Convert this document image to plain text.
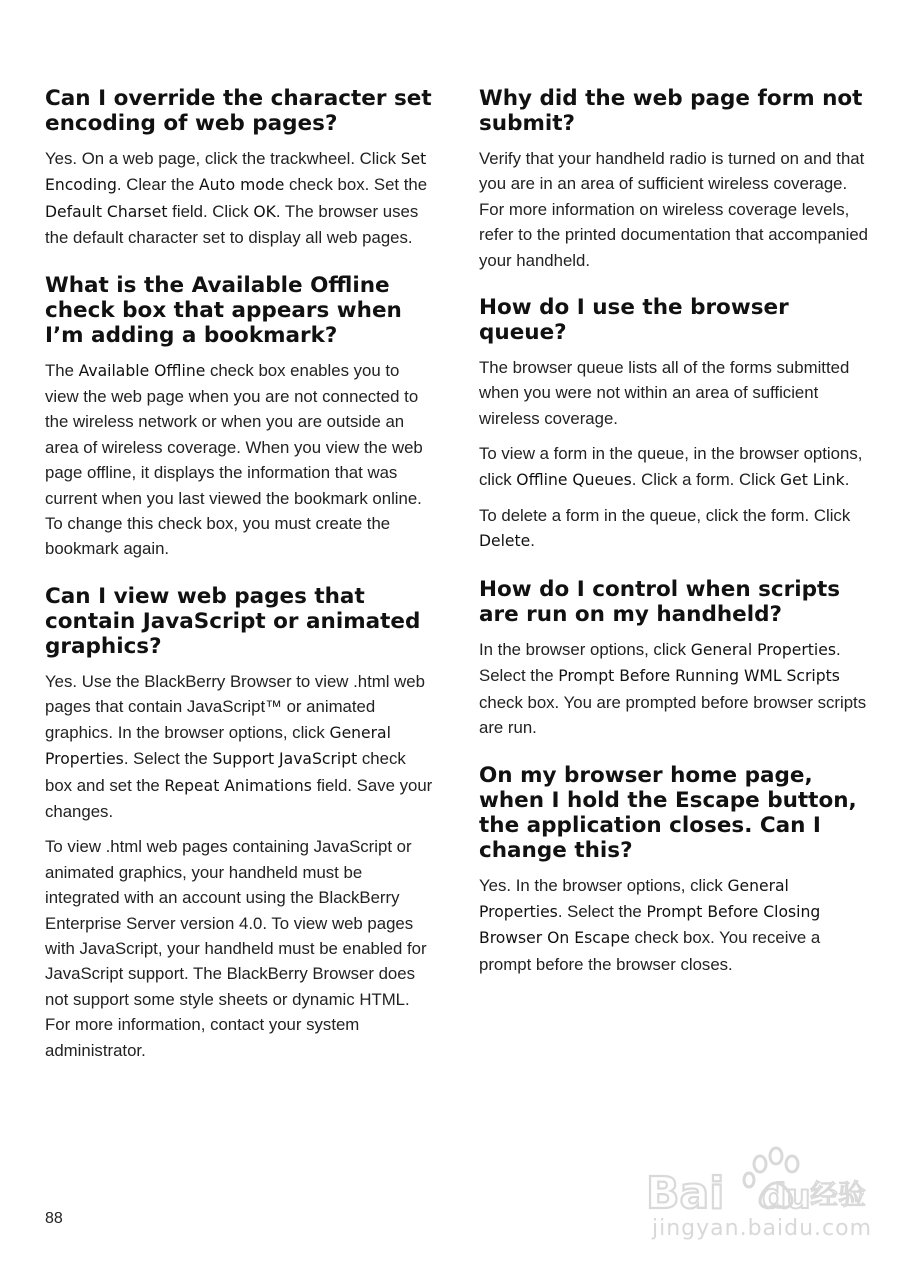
Can I override the character set encoding of web pages?

Yes. On a web page, click the trackwheel. Click Set Encoding. Clear the Auto mode check box. Set the Default Charset field. Click OK. The browser uses the default character set to display all web pages.

What is the Available Offline check box that appears when I’m adding a bookmark?

The Available Offline check box enables you to view the web page when you are not connected to the wireless network or when you are outside an area of wireless coverage. When you view the web page offline, it displays the information that was current when you last viewed the bookmark online. To change this check box, you must create the bookmark again.

Can I view web pages that contain JavaScript or animated graphics?

Yes. Use the BlackBerry Browser to view .html web pages that contain JavaScript™ or animated graphics. In the browser options, click General Properties. Select the Support JavaScript check box and set the Repeat Animations field. Save your changes.

To view .html web pages containing JavaScript or animated graphics, your handheld must be integrated with an account using the BlackBerry Enterprise Server version 4.0. To view web pages with JavaScript, your handheld must be enabled for JavaScript support. The BlackBerry Browser does not support some style sheets or dynamic HTML. For more information, contact your system administrator.

Why did the web page form not submit?

Verify that your handheld radio is turned on and that you are in an area of sufficient wireless coverage. For more information on wireless coverage levels, refer to the printed documentation that accompanied your handheld.

How do I use the browser queue?

The browser queue lists all of the forms submitted when you were not within an area of sufficient wireless coverage.

To view a form in the queue, in the browser options, click Offline Queues. Click a form. Click Get Link.

To delete a form in the queue, click the form. Click Delete.

How do I control when scripts are run on my handheld?

In the browser options, click General Properties. Select the Prompt Before Running WML Scripts check box. You are prompted before browser scripts are run.

On my browser home page, when I hold the Escape button, the application closes. Can I change this?

Yes. In the browser options, click General Properties. Select the Prompt Before Closing Browser On Escape check box. You receive a prompt before the browser closes.

88	Bai du 经验
jingyan.baidu.com
